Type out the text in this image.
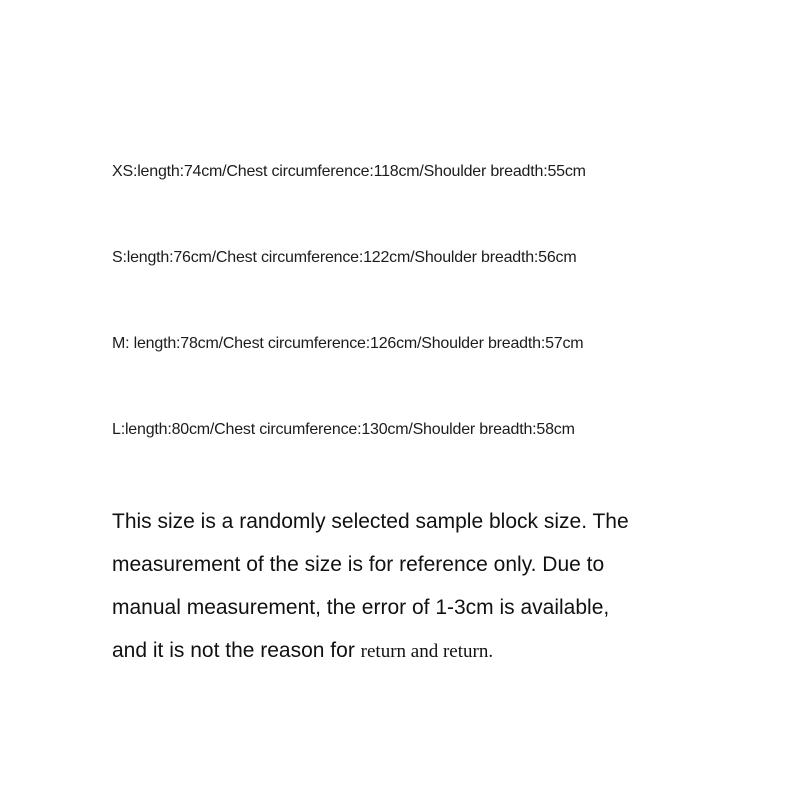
XS:length:74cm/Chest circumference:118cm/Shoulder breadth:55cm
S:length:76cm/Chest circumference:122cm/Shoulder breadth:56cm
M: length:78cm/Chest circumference:126cm/Shoulder breadth:57cm
L:length:80cm/Chest circumference:130cm/Shoulder breadth:58cm
This size is a randomly selected sample block size. The
measurement of the size is for reference only. Due to
manual measurement, the error of 1-3cm is available,
and it is not the reason for return and return.
